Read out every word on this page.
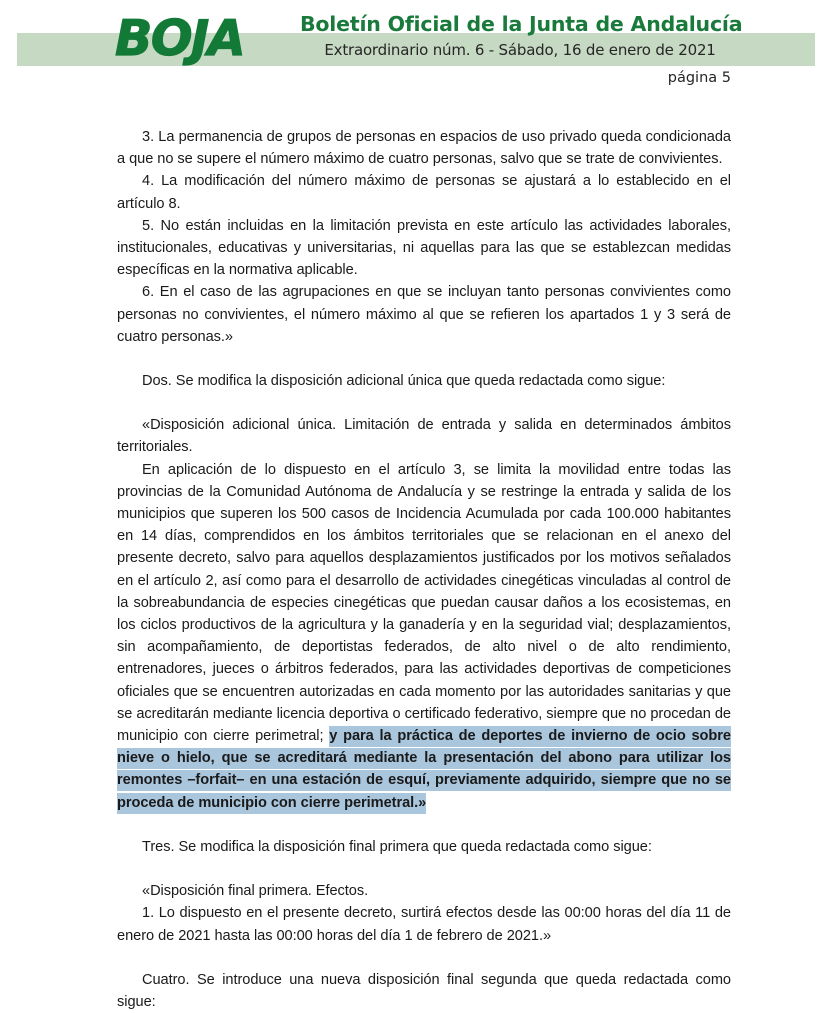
BOJA	Boletín Oficial de la Junta de Andalucía
Extraordinario núm. 6 - Sábado, 16 de enero de 2021
página 5

3. La permanencia de grupos de personas en espacios de uso privado queda condicionada a que no se supere el número máximo de cuatro personas, salvo que se trate de convivientes.

4. La modificación del número máximo de personas se ajustará a lo establecido en el artículo 8.

5. No están incluidas en la limitación prevista en este artículo las actividades laborales, institucionales, educativas y universitarias, ni aquellas para las que se establezcan medidas específicas en la normativa aplicable.

6. En el caso de las agrupaciones en que se incluyan tanto personas convivientes como personas no convivientes, el número máximo al que se refieren los apartados 1 y 3 será de cuatro personas.»

Dos. Se modifica la disposición adicional única que queda redactada como sigue:

«Disposición adicional única. Limitación de entrada y salida en determinados ámbitos territoriales.

En aplicación de lo dispuesto en el artículo 3, se limita la movilidad entre todas las provincias de la Comunidad Autónoma de Andalucía y se restringe la entrada y salida de los municipios que superen los 500 casos de Incidencia Acumulada por cada 100.000 habitantes en 14 días, comprendidos en los ámbitos territoriales que se relacionan en el anexo del presente decreto, salvo para aquellos desplazamientos justificados por los motivos señalados en el artículo 2, así como para el desarrollo de actividades cinegéticas vinculadas al control de la sobreabundancia de especies cinegéticas que puedan causar daños a los ecosistemas, en los ciclos productivos de la agricultura y la ganadería y en la seguridad vial; desplazamientos, sin acompañamiento, de deportistas federados, de alto nivel o de alto rendimiento, entrenadores, jueces o árbitros federados, para las actividades deportivas de competiciones oficiales que se encuentren autorizadas en cada momento por las autoridades sanitarias y que se acreditarán mediante licencia deportiva o certificado federativo, siempre que no procedan de municipio con cierre perimetral; y para la práctica de deportes de invierno de ocio sobre nieve o hielo, que se acreditará mediante la presentación del abono para utilizar los remontes –forfait– en una estación de esquí, previamente adquirido, siempre que no se proceda de municipio con cierre perimetral.»

Tres. Se modifica la disposición final primera que queda redactada como sigue:

«Disposición final primera. Efectos.

1. Lo dispuesto en el presente decreto, surtirá efectos desde las 00:00 horas del día 11 de enero de 2021 hasta las 00:00 horas del día 1 de febrero de 2021.»

Cuatro. Se introduce una nueva disposición final segunda que queda redactada como sigue:
